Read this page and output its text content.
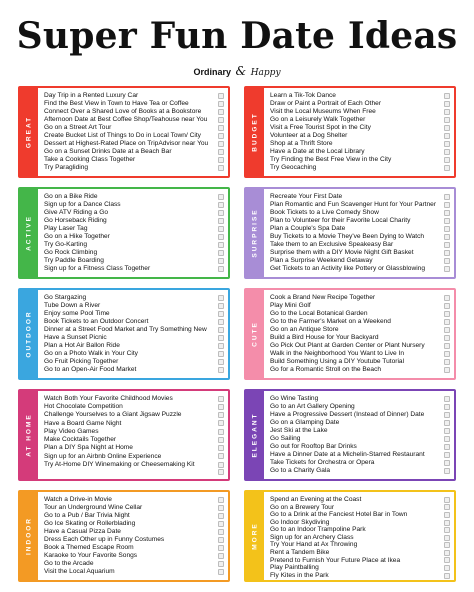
Super Fun Date Ideas
Ordinary & Happy
GREAT
Day Trip in a Rented Luxury Car
Find the Best View in Town to Have Tea or Coffee
Connect Over a Shared Love of Books at a Bookstore
Afternoon Date at Best Coffee Shop/Teahouse near You
Go on a Street Art Tour
Create Bucket List of Things to Do in Local Town/ City
Dessert at Highest-Rated Place on TripAdvisor near You
Go on a Sunset Drinks Date at a Beach Bar
Take a Cooking Class Together
Try Paragliding
BUDGET
Learn a Tik-Tok Dance
Draw or Paint a Portrait of Each Other
Visit the Local Museums When Free
Go on a Leisurely Walk Together
Visit a Free Tourist Spot in the City
Volunteer at a Dog Shelter
Shop at a Thrift Store
Have a Date at the Local Library
Try Finding the Best Free View in the City
Try Geocaching
ACTIVE
Go on a Bike Ride
Sign up for a Dance Class
Give ATV Riding a Go
Go Horseback Riding
Play Laser Tag
Go on a Hike Together
Try Go-Karting
Go Rock Climbing
Try Paddle Boarding
Sign up for a Fitness Class Together
SURPRISE
Recreate Your First Date
Plan Romantic and Fun Scavenger Hunt for Your Partner
Book Tickets to a Live Comedy Show
Plan to Volunteer for their Favorite Local Charity
Plan a Couple's Spa Date
Buy Tickets to a Movie They've Been Dying to Watch
Take them to an Exclusive Speakeasy Bar
Surprise them with a DIY Movie Night Gift Basket
Plan a Surprise Weekend Getaway
Get Tickets to an Activity like Pottery or Glassblowing
OUTDOOR
Go Stargazing
Tube Down a River
Enjoy some Pool Time
Book Tickets to an Outdoor Concert
Dinner at a Street Food Market and Try Something New
Have a Sunset Picnic
Plan a Hot Air Ballon Ride
Go on a Photo Walk in Your City
Go Fruit Picking Together
Go to an Open-Air Food Market
CUTE
Cook a Brand New Recipe Together
Play Mini Golf
Go to the Local Botanical Garden
Go to the Farmer's Market on a Weekend
Go on an Antique Store
Build a Bird House for Your Backyard
Go Pick Out Plant at Garden Center or Plant Nursery
Walk in the Neighborhood You Want to Live In
Build Something Using a DIY Youtube Tutorial
Go for a Romantic Stroll on the Beach
AT HOME
Watch Both Your Favorite Childhood Movies
Hot Chocolate Competition
Challenge Yourselves to a Giant Jigsaw Puzzle
Have a Board Game Night
Play Video Games
Make Cocktails Together
Plan a DIY Spa Night at Home
Sign up for an Airbnb Online Experience
Try At-Home DIY Winemaking or Cheesemaking Kit
ELEGANT
Go Wine Tasting
Go to an Art Gallery Opening
Have a Progressive Dessert (Instead of Dinner) Date
Go on a Glamping Date
Jest Ski at the Lake
Go Sailing
Go out for Rooftop Bar Drinks
Have a Dinner Date at a Michelin-Starred Restaurant
Take Tickets for Orchestra or Opera
Go to a Charity Gala
INDOOR
Watch a Drive-in Movie
Tour an Underground Wine Cellar
Go to a Pub / Bar Trivia Night
Go Ice Skating or Rollerblading
Have a Casual Pizza Date
Dress Each Other up in Funny Costumes
Book a Themed Escape Room
Karaoke to Your Favorite Songs
Go to the Arcade
Visit the Local Aquarium
MORE
Spend an Evening at the Coast
Go on a Brewery Tour
Go to a Drink at the Fanciest Hotel Bar in Town
Go Indoor Skydiving
Go to an Indoor Trampoline Park
Sign up for an Archery Class
Try Your Hand at Ax Throwing
Rent a Tandem Bike
Pretend to Furnish Your Future Place at Ikea
Play Paintballing
Fly Kites in the Park
